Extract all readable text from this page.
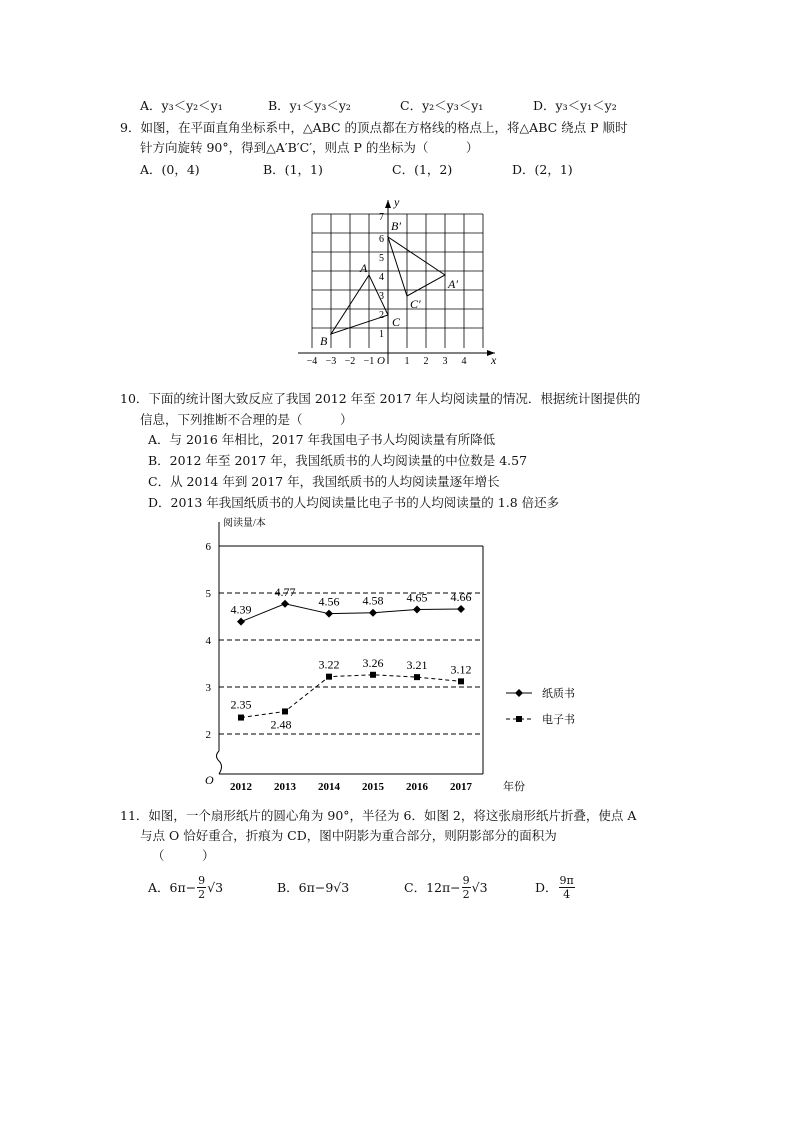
A．y₃＜y₂＜y₁	B．y₁＜y₃＜y₂	C．y₂＜y₃＜y₁	D．y₃＜y₁＜y₂
9．如图，在平面直角坐标系中，△ABC 的顶点都在方格线的格点上，将△ABC 绕点 P 顺时
针方向旋转 90°，得到△A′B′C′，则点 P 的坐标为（　　　）
A．(0，4)	B．(1，1)	C．(1，2)	D．(2，1)
x
y
O
−4 −3 −2 −1	1 2 3 4
1
2
3
4
5
6
7
A
B
C
A′
B′
C′
10．下面的统计图大致反应了我国 2012 年至 2017 年人均阅读量的情况．根据统计图提供的
信息，下列推断不合理的是（　　　）
A．与 2016 年相比，2017 年我国电子书人均阅读量有所降低
B．2012 年至 2017 年，我国纸质书的人均阅读量的中位数是 4.57
C．从 2014 年到 2017 年，我国纸质书的人均阅读量逐年增长
D．2013 年我国纸质书的人均阅读量比电子书的人均阅读量的 1.8 倍还多
阅读量/本
年份
O
2
3
4
5
6
2012 2013 2014 2015 2016 2017
4.39
4.77
4.56 4.58 4.65 4.66
2.35
2.48
3.22 3.26 3.21 3.12
纸质书
电子书
11．如图，一个扇形纸片的圆心角为 90°，半径为 6．如图 2，将这张扇形纸片折叠，使点 A
与点 O 恰好重合，折痕为 CD，图中阴影为重合部分，则阴影部分的面积为
（　　　）
A．$6\pi- \frac{9}{2} √3$	B．6π−9√3	C．$12\pi- \frac{9}{2} √3$	D． $\frac{9\pi}{4}$
